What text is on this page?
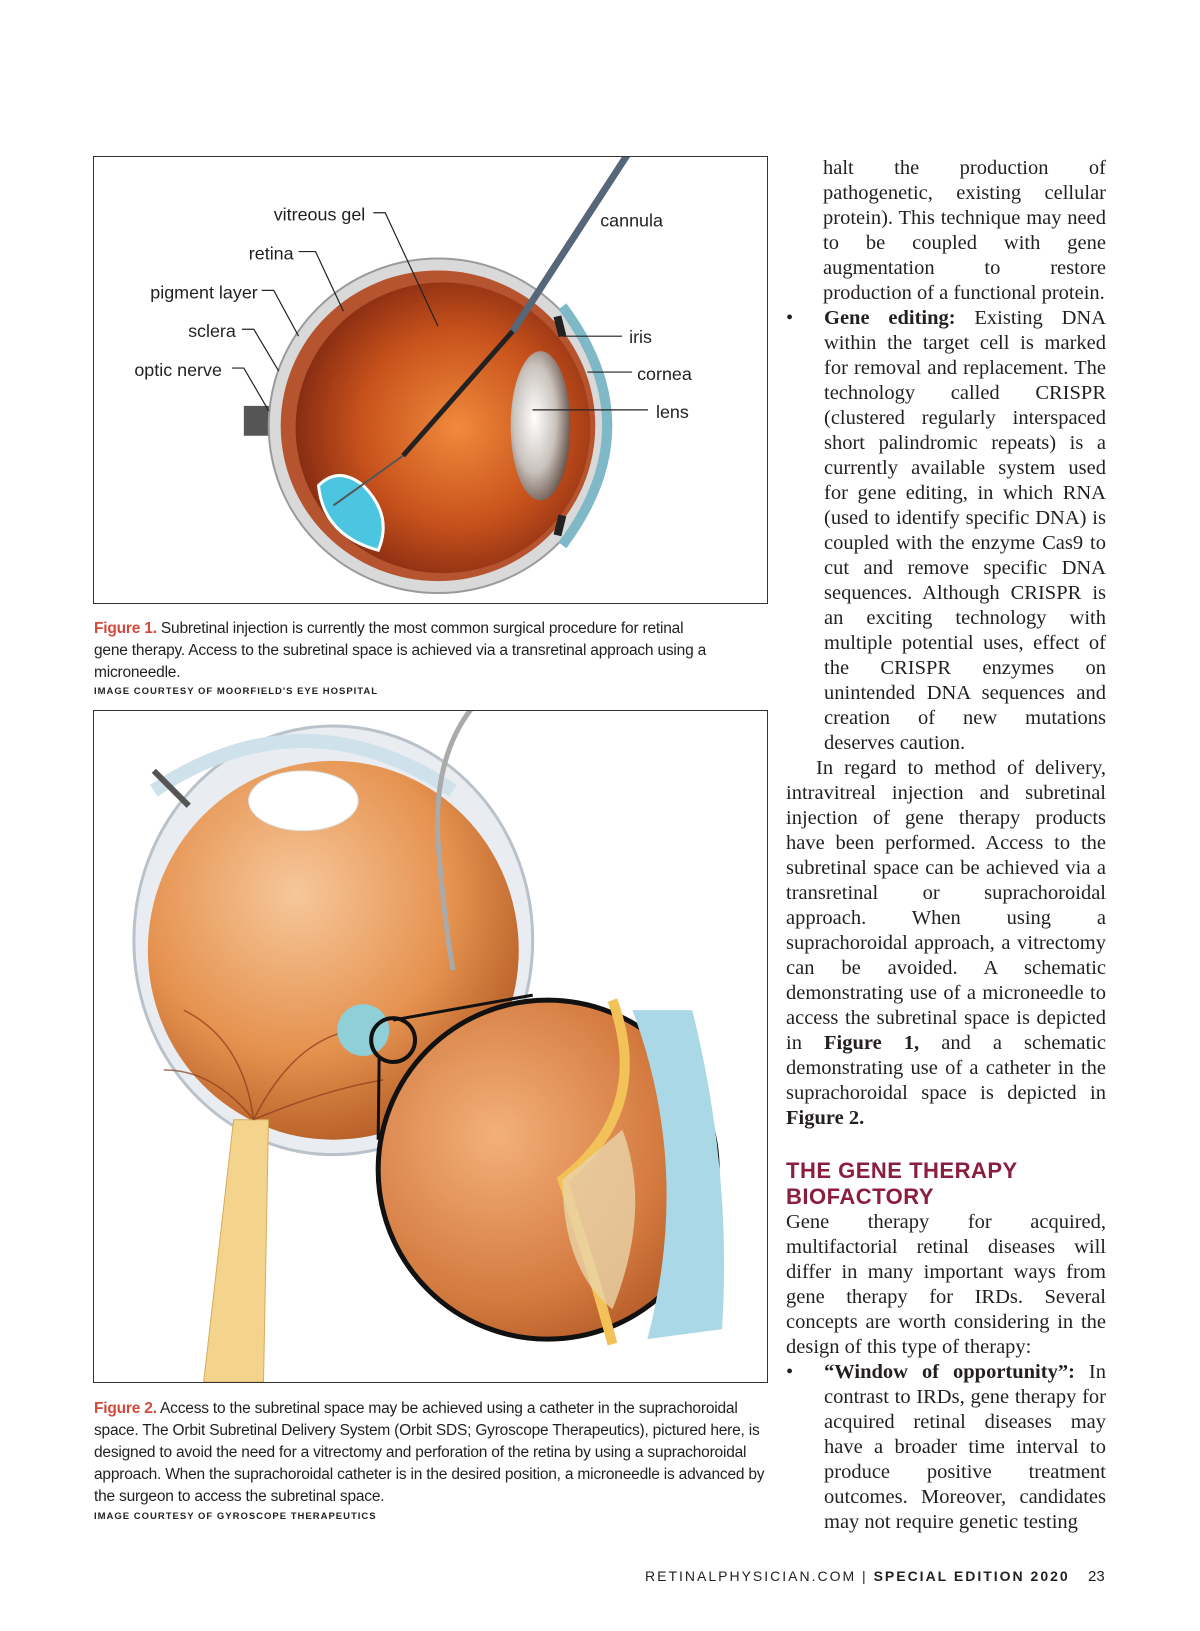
vitreous gel
retina
pigment layer
sclera
optic nerve
cannula
iris
cornea
lens
Figure 1. Subretinal injection is currently the most common surgical procedure for retinal gene therapy. Access to the subretinal space is achieved via a transretinal approach using a microneedle.
IMAGE COURTESY OF MOORFIELD'S EYE HOSPITAL
Figure 2. Access to the subretinal space may be achieved using a catheter in the suprachoroidal space. The Orbit Subretinal Delivery System (Orbit SDS; Gyroscope Therapeutics), pictured here, is designed to avoid the need for a vitrectomy and perforation of the retina by using a suprachoroidal approach. When the suprachoroidal catheter is in the desired position, a microneedle is advanced by the surgeon to access the subretinal space.
IMAGE COURTESY OF GYROSCOPE THERAPEUTICS

halt the production of pathogenetic, existing cellular protein). This technique may need to be coupled with gene augmentation to restore production of a functional protein.

• Gene editing: Existing DNA within the target cell is marked for removal and replacement. The technology called CRISPR (clustered regularly interspaced short palindromic repeats) is a currently available system used for gene editing, in which RNA (used to identify specific DNA) is coupled with the enzyme Cas9 to cut and remove specific DNA sequences. Although CRISPR is an exciting technology with multiple potential uses, effect of the CRISPR enzymes on unintended DNA sequences and creation of new mutations deserves caution.

In regard to method of delivery, intravitreal injection and subretinal injection of gene therapy products have been performed. Access to the subretinal space can be achieved via a transretinal or suprachoroidal approach. When using a suprachoroidal approach, a vitrectomy can be avoided. A schematic demonstrating use of a microneedle to access the subretinal space is depicted in Figure 1, and a schematic demonstrating use of a catheter in the suprachoroidal space is depicted in Figure 2.

THE GENE THERAPY BIOFACTORY

Gene therapy for acquired, multifactorial retinal diseases will differ in many important ways from gene therapy for IRDs. Several concepts are worth considering in the design of this type of therapy:

• “Window of opportunity”: In contrast to IRDs, gene therapy for acquired retinal diseases may have a broader time interval to produce positive treatment outcomes. Moreover, candidates may not require genetic testing
RETINALPHYSICIAN.COM | SPECIAL EDITION 2020 23
